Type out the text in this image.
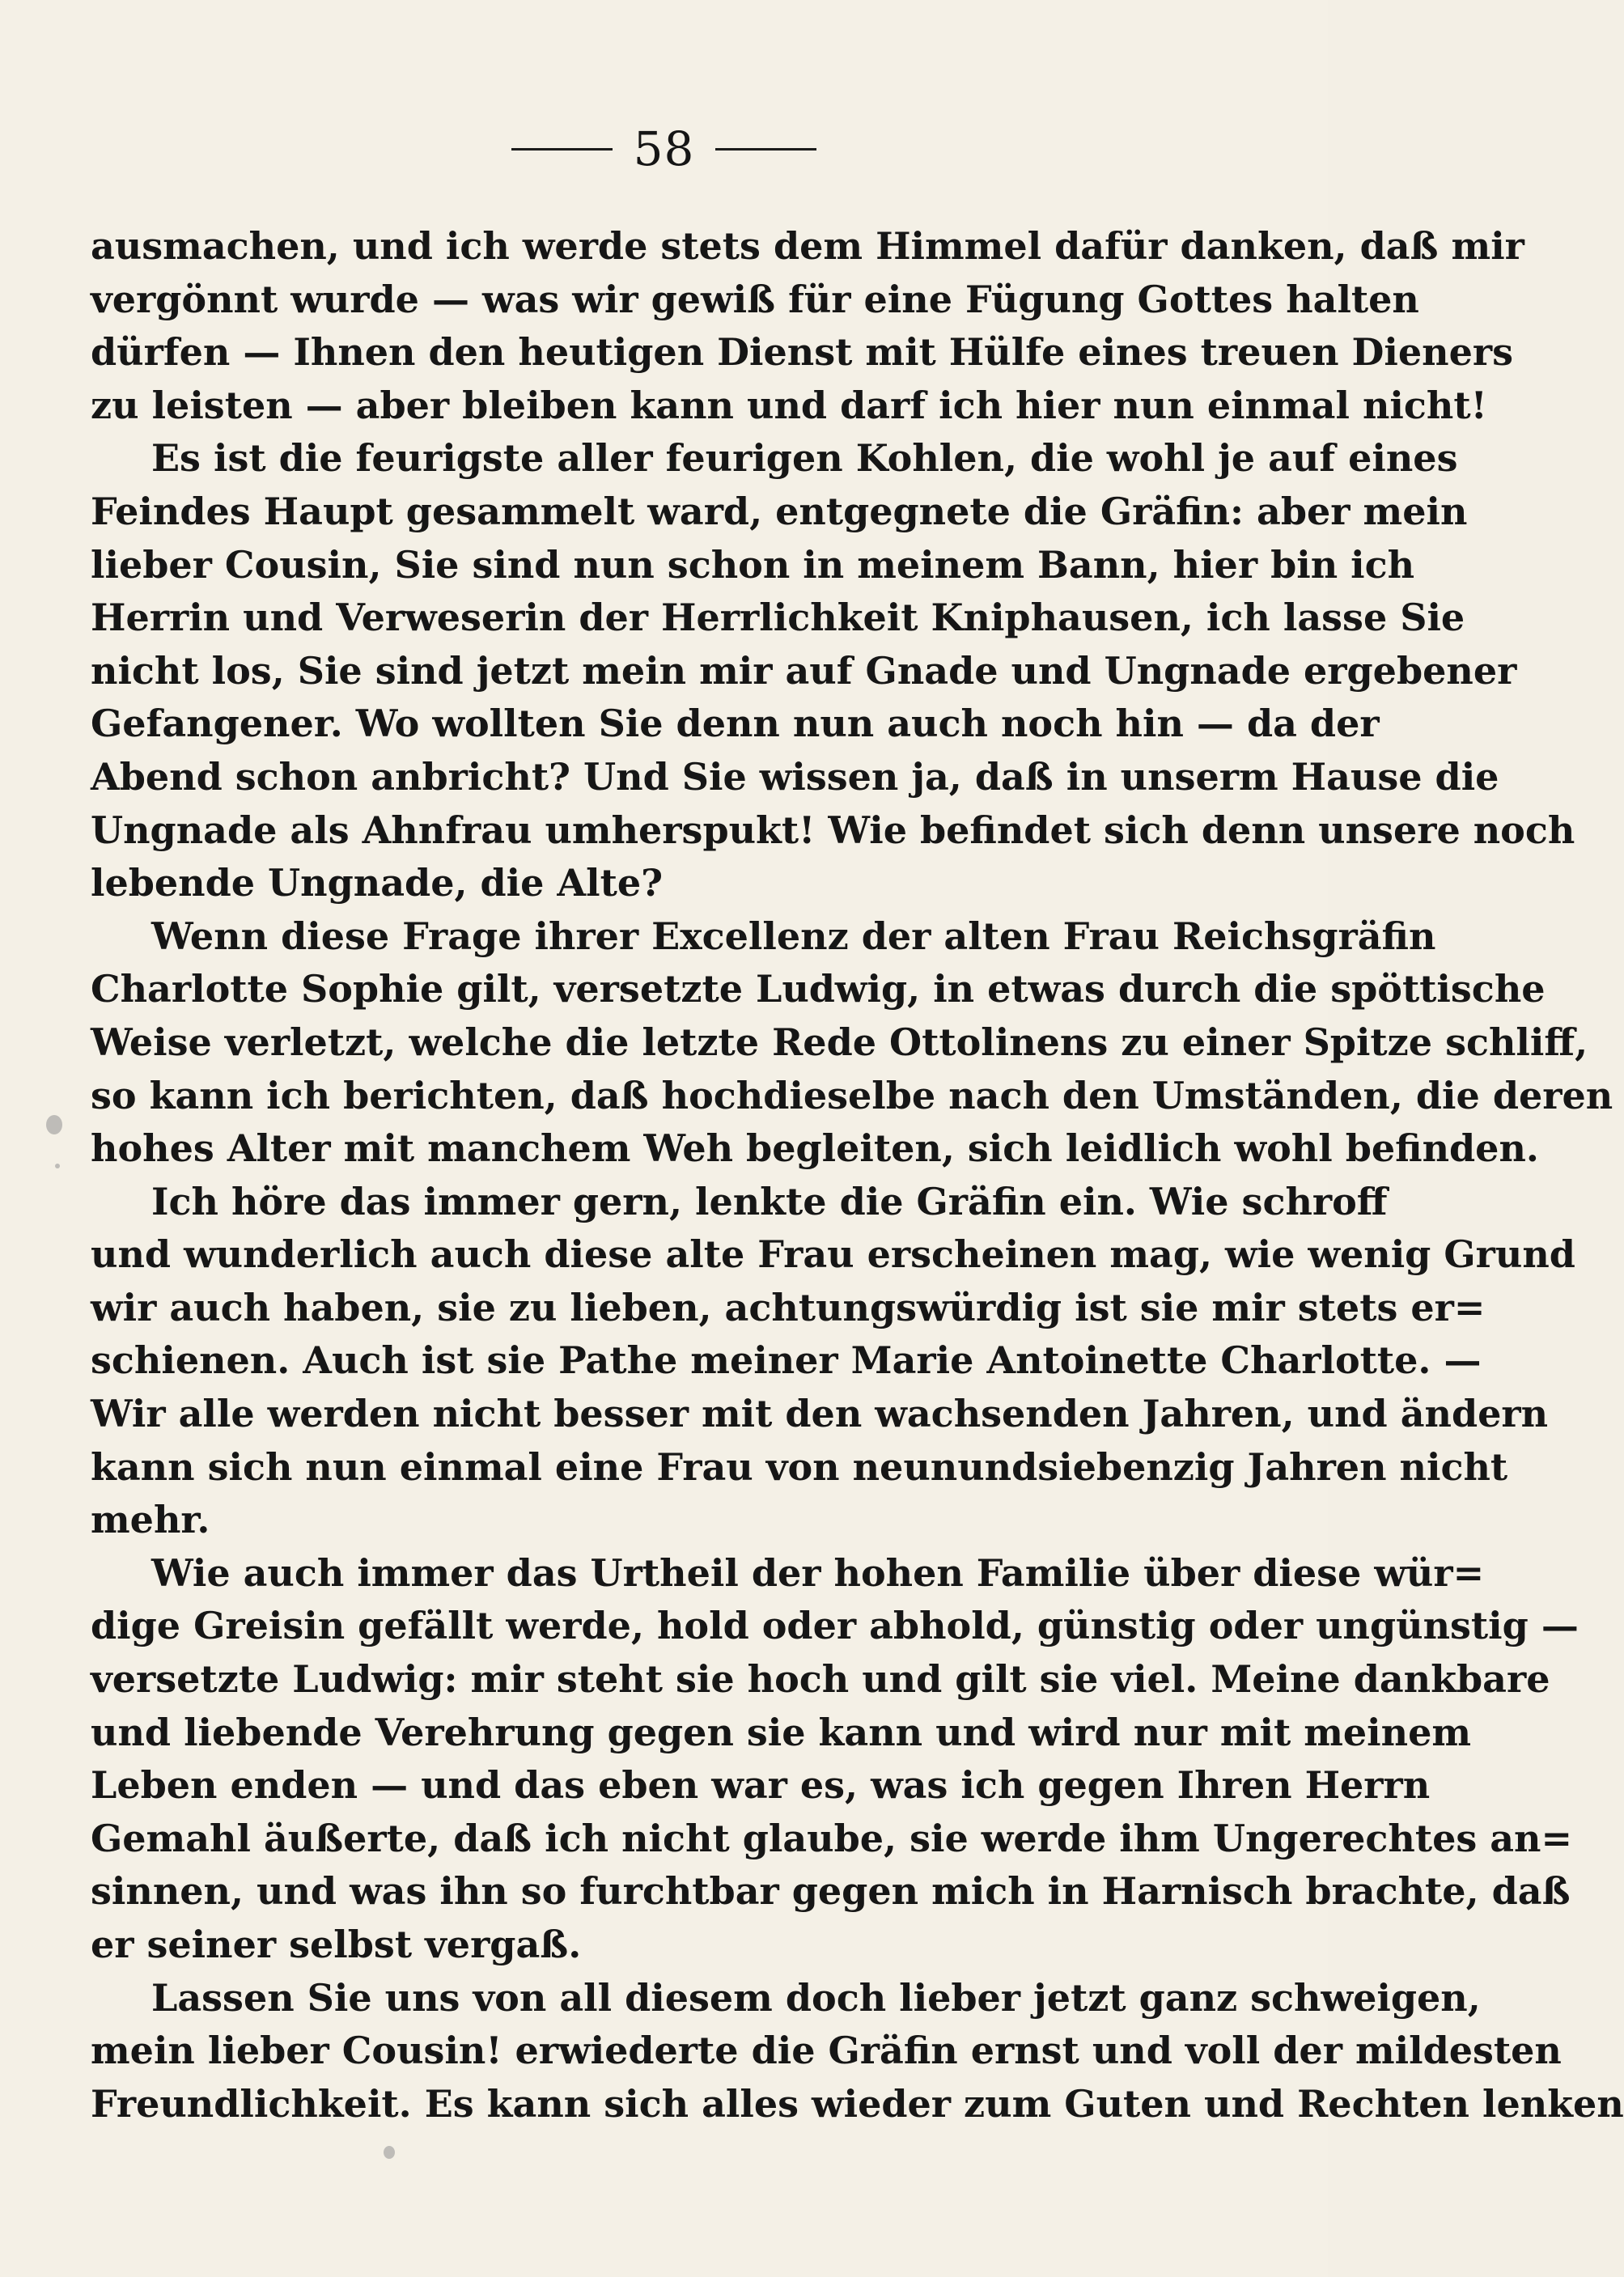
58
ausmachen, und ich werde stets dem Himmel dafür danken, daß mir
vergönnt wurde — was wir gewiß für eine Fügung Gottes halten
dürfen — Ihnen den heutigen Dienst mit Hülfe eines treuen Dieners
zu leisten — aber bleiben kann und darf ich hier nun einmal nicht!
Es ist die feurigste aller feurigen Kohlen, die wohl je auf eines
Feindes Haupt gesammelt ward, entgegnete die Gräfin: aber mein
lieber Cousin, Sie sind nun schon in meinem Bann, hier bin ich
Herrin und Verweserin der Herrlichkeit Kniphausen, ich lasse Sie
nicht los, Sie sind jetzt mein mir auf Gnade und Ungnade ergebener
Gefangener. Wo wollten Sie denn nun auch noch hin — da der
Abend schon anbricht? Und Sie wissen ja, daß in unserm Hause die
Ungnade als Ahnfrau umherspukt! Wie befindet sich denn unsere noch
lebende Ungnade, die Alte?
Wenn diese Frage ihrer Excellenz der alten Frau Reichsgräfin
Charlotte Sophie gilt, versetzte Ludwig, in etwas durch die spöttische
Weise verletzt, welche die letzte Rede Ottolinens zu einer Spitze schliff,
so kann ich berichten, daß hochdieselbe nach den Umständen, die deren
hohes Alter mit manchem Weh begleiten, sich leidlich wohl befinden.
Ich höre das immer gern, lenkte die Gräfin ein. Wie schroff
und wunderlich auch diese alte Frau erscheinen mag, wie wenig Grund
wir auch haben, sie zu lieben, achtungswürdig ist sie mir stets er=
schienen. Auch ist sie Pathe meiner Marie Antoinette Charlotte. —
Wir alle werden nicht besser mit den wachsenden Jahren, und ändern
kann sich nun einmal eine Frau von neunundsiebenzig Jahren nicht
mehr.
Wie auch immer das Urtheil der hohen Familie über diese wür=
dige Greisin gefällt werde, hold oder abhold, günstig oder ungünstig —
versetzte Ludwig: mir steht sie hoch und gilt sie viel. Meine dankbare
und liebende Verehrung gegen sie kann und wird nur mit meinem
Leben enden — und das eben war es, was ich gegen Ihren Herrn
Gemahl äußerte, daß ich nicht glaube, sie werde ihm Ungerechtes an=
sinnen, und was ihn so furchtbar gegen mich in Harnisch brachte, daß
er seiner selbst vergaß.
Lassen Sie uns von all diesem doch lieber jetzt ganz schweigen,
mein lieber Cousin! erwiederte die Gräfin ernst und voll der mildesten
Freundlichkeit. Es kann sich alles wieder zum Guten und Rechten lenken
